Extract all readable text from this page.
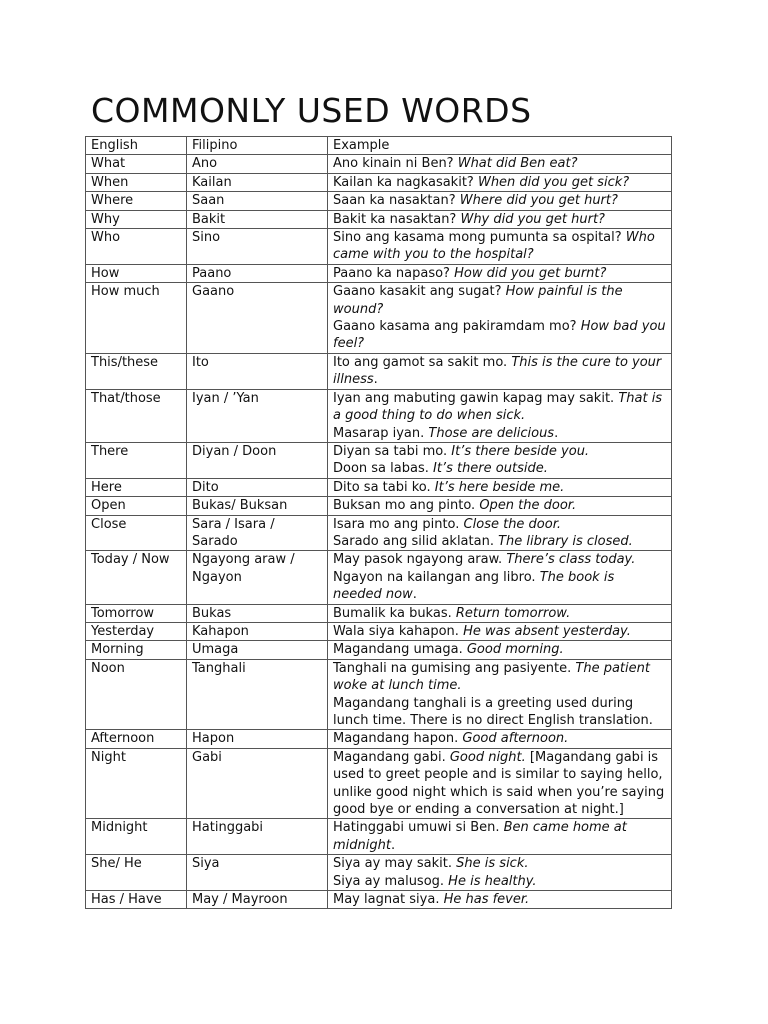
COMMONLY USED WORDS
English	Filipino	Example
What	Ano	Ano kinain ni Ben? What did Ben eat?

When	Kailan	Kailan ka nagkasakit? When did you get sick?

Where	Saan	Saan ka nasaktan? Where did you get hurt?

Why	Bakit	Bakit ka nasaktan? Why did you get hurt?

Who	Sino	Sino ang kasama mong pumunta sa ospital? Who came with you to the hospital?

How	Paano	Paano ka napaso? How did you get burnt?

How much	Gaano	Gaano kasakit ang sugat? How painful is the wound?
Gaano kasama ang pakiramdam mo? How bad you feel?

This/these	Ito	Ito ang gamot sa sakit mo. This is the cure to your illness.

That/those	Iyan / ’Yan	Iyan ang mabuting gawin kapag may sakit. That is a good thing to do when sick.
Masarap iyan. Those are delicious.

There	Diyan / Doon	Diyan sa tabi mo. It’s there beside you.
Doon sa labas. It’s there outside.

Here	Dito	Dito sa tabi ko. It’s here beside me.

Open	Bukas/ Buksan	Buksan mo ang pinto. Open the door.

Close	Sara / Isara / Sarado	Isara mo ang pinto. Close the door.
Sarado ang silid aklatan. The library is closed.

Today / Now	Ngayong araw / Ngayon	May pasok ngayong araw. There’s class today.
Ngayon na kailangan ang libro. The book is needed now.

Tomorrow	Bukas	Bumalik ka bukas. Return tomorrow.

Yesterday	Kahapon	Wala siya kahapon. He was absent yesterday.

Morning	Umaga	Magandang umaga. Good morning.

Noon	Tanghali	Tanghali na gumising ang pasiyente. The patient woke at lunch time.
Magandang tanghali is a greeting used during lunch time. There is no direct English translation.

Afternoon	Hapon	Magandang hapon. Good afternoon.

Night	Gabi	Magandang gabi. Good night. [Magandang gabi is used to greet people and is similar to saying hello, unlike good night which is said when you’re saying good bye or ending a conversation at night.]

Midnight	Hatinggabi	Hatinggabi umuwi si Ben. Ben came home at midnight.

She/ He	Siya	Siya ay may sakit. She is sick.
Siya ay malusog. He is healthy.

Has / Have	May / Mayroon	May lagnat siya. He has fever.
